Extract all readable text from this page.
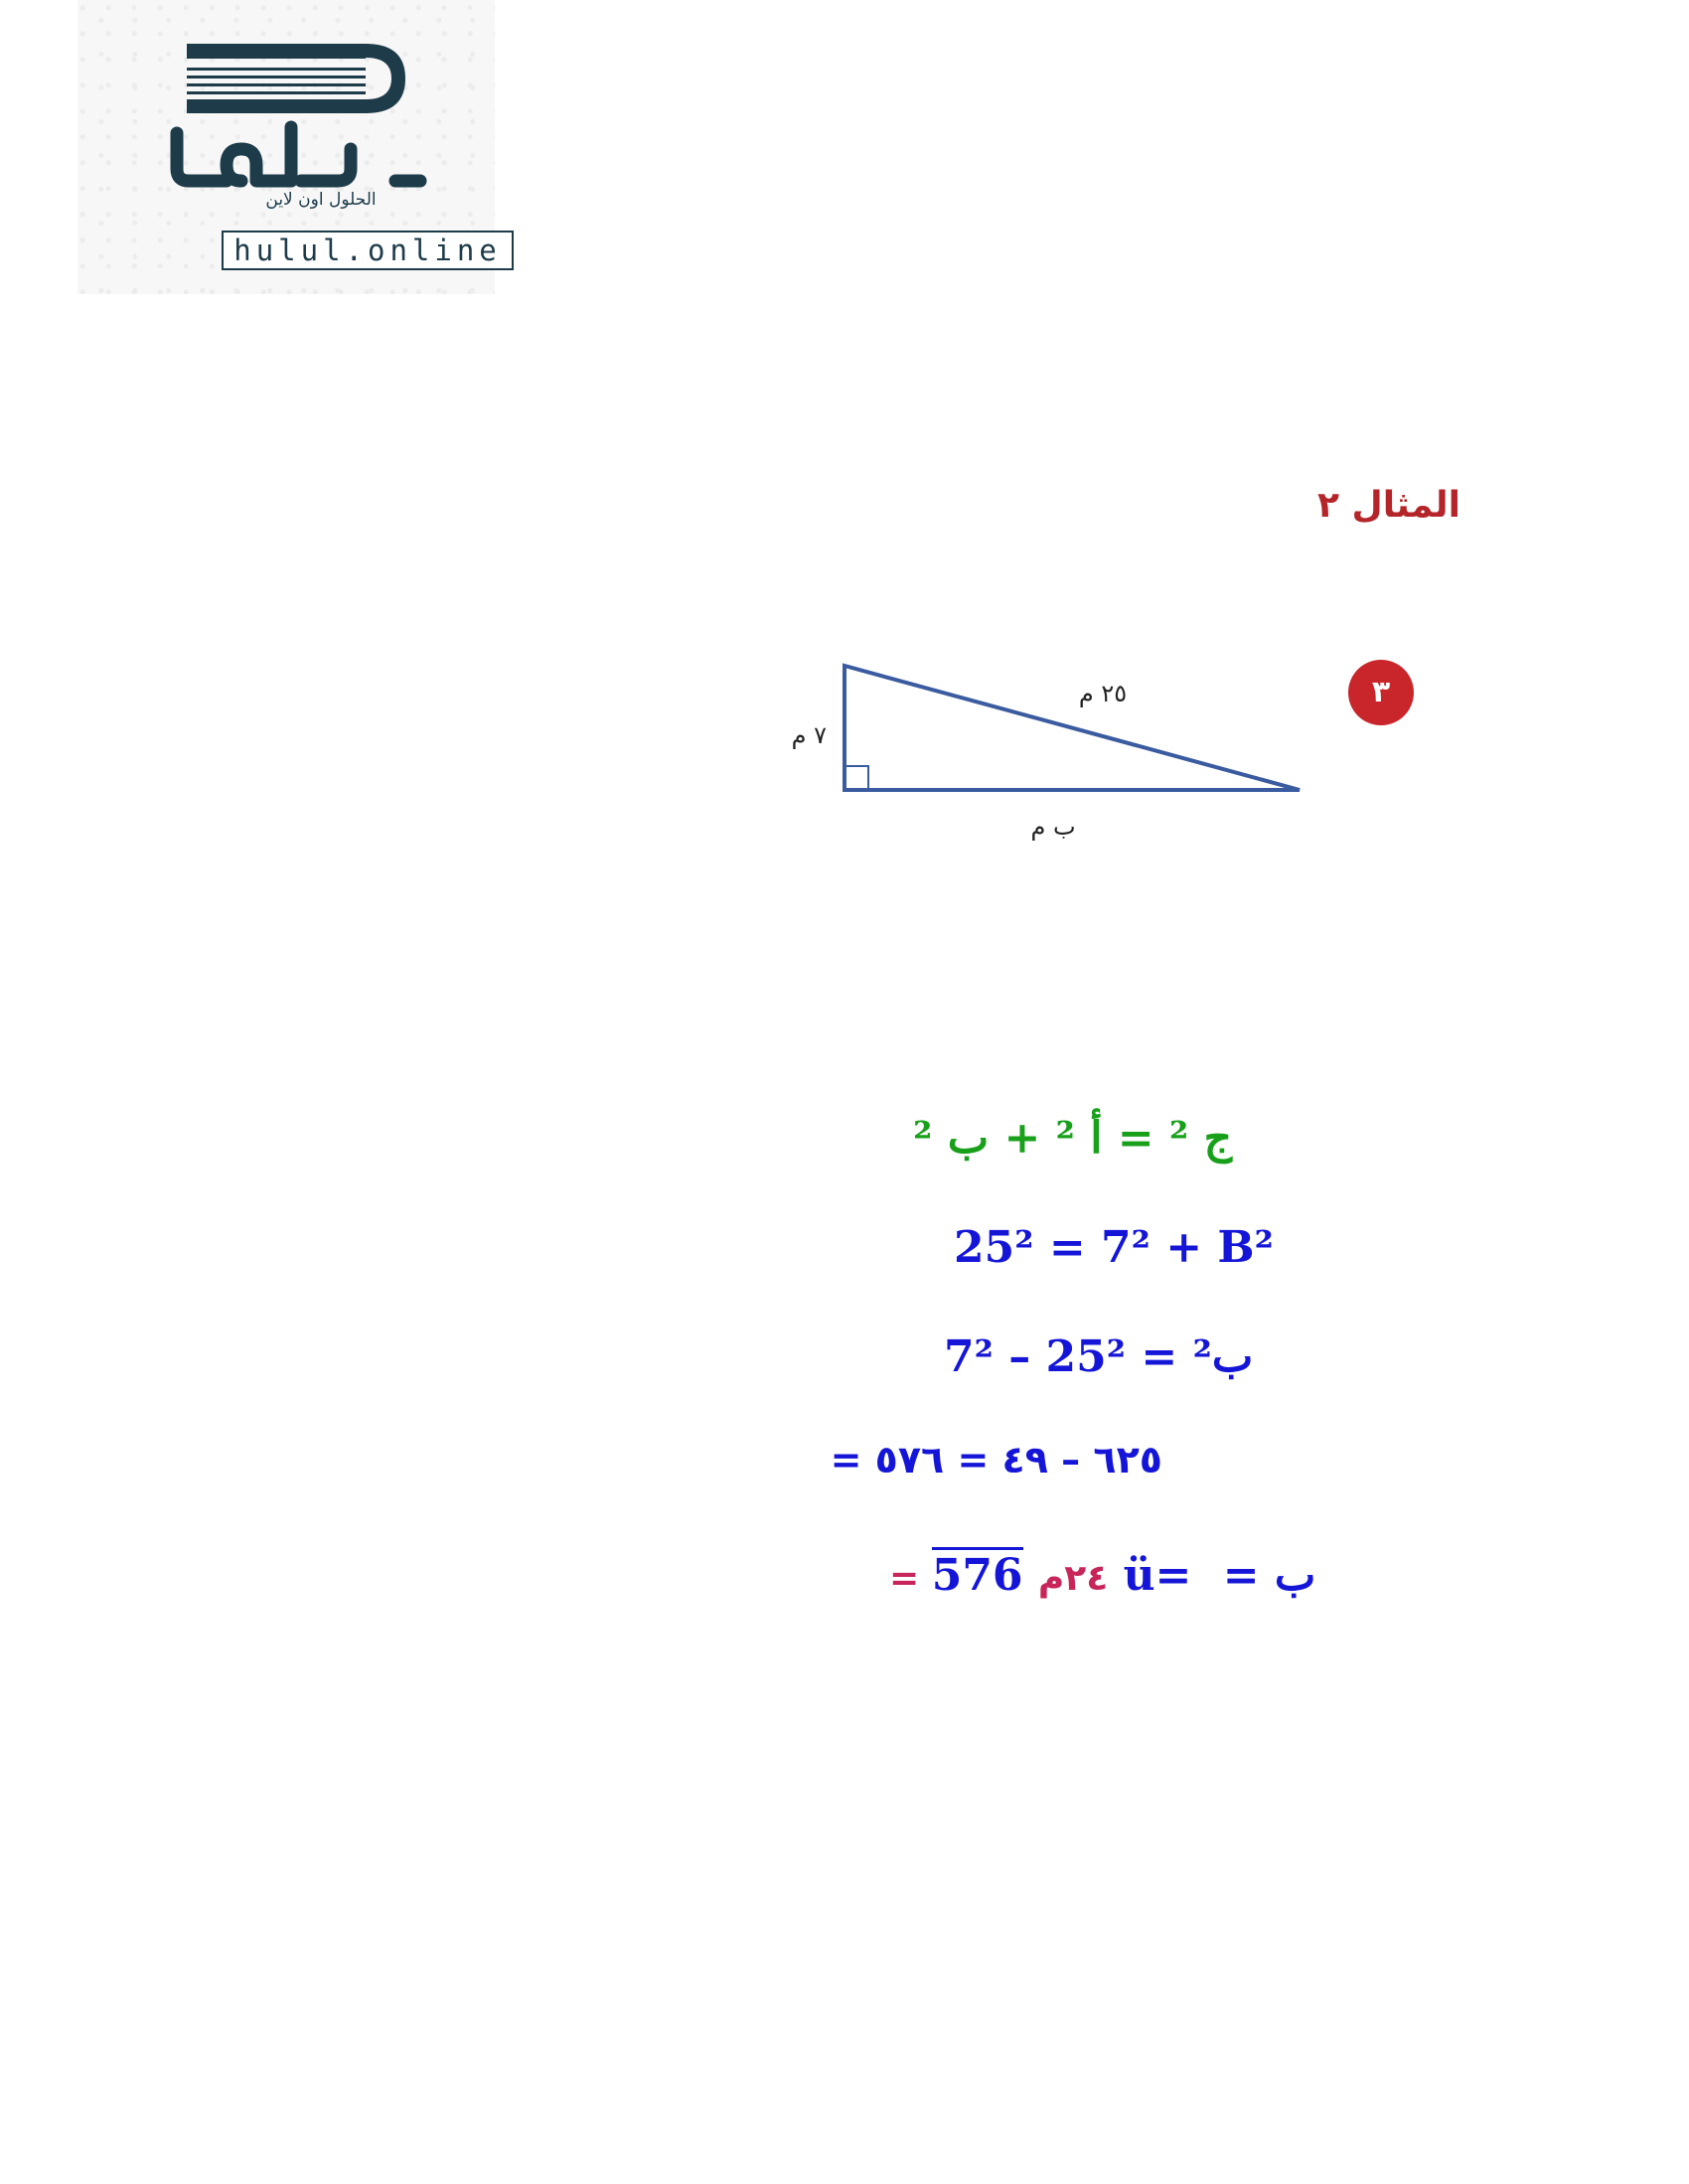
الحلول اون لاين
hulul.online
المثال ٢
٣
٧ م
٢٥ م
ب م
ج ² = أ ² + ب ²
25² = 7² + B²
ب² = 25² – 7²
= ٦٢٥ – ٤٩ = ٥٧٦
= ٢٤م 576 ü= ب =
